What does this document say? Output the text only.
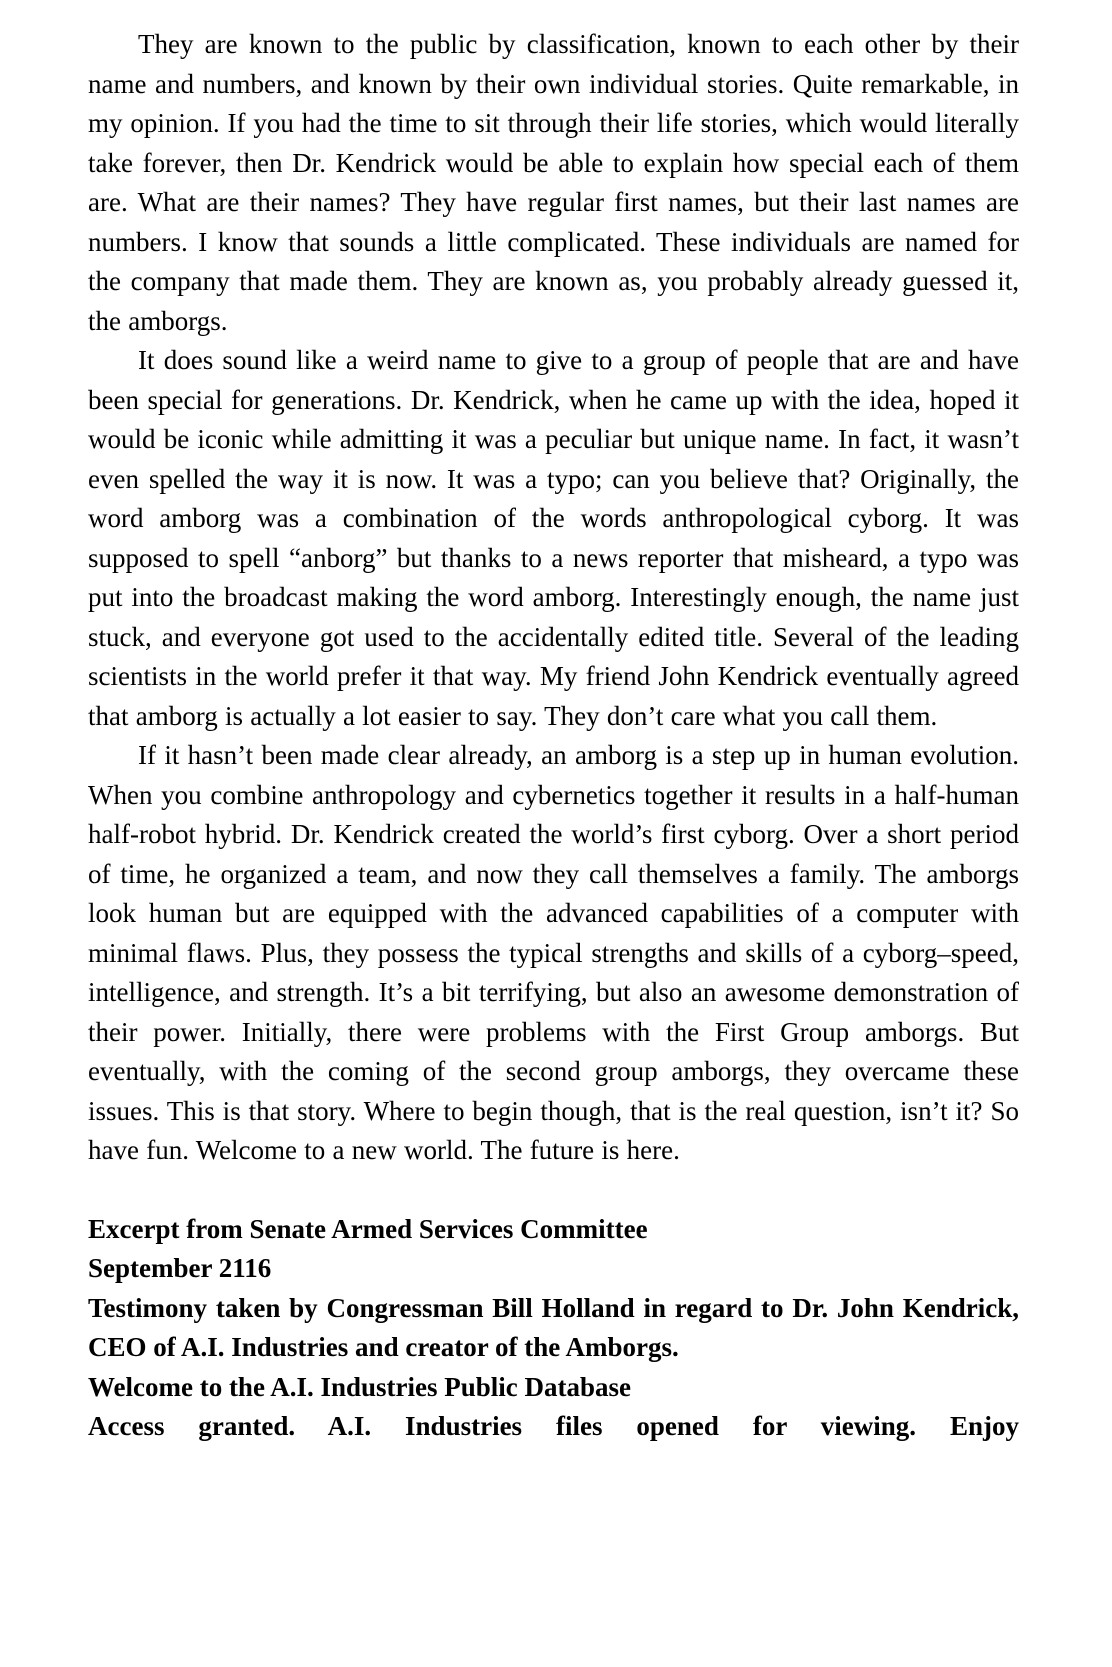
They are known to the public by classification, known to each other by their name and numbers, and known by their own individual stories. Quite remarkable, in my opinion. If you had the time to sit through their life stories, which would literally take forever, then Dr. Kendrick would be able to explain how special each of them are. What are their names? They have regular first names, but their last names are numbers. I know that sounds a little complicated. These individuals are named for the company that made them. They are known as, you probably already guessed it, the amborgs.

It does sound like a weird name to give to a group of people that are and have been special for generations. Dr. Kendrick, when he came up with the idea, hoped it would be iconic while admitting it was a peculiar but unique name. In fact, it wasn’t even spelled the way it is now. It was a typo; can you believe that? Originally, the word amborg was a combination of the words anthropological cyborg. It was supposed to spell “anborg” but thanks to a news reporter that misheard, a typo was put into the broadcast making the word amborg. Interestingly enough, the name just stuck, and everyone got used to the accidentally edited title. Several of the leading scientists in the world prefer it that way. My friend John Kendrick eventually agreed that amborg is actually a lot easier to say. They don’t care what you call them.

If it hasn’t been made clear already, an amborg is a step up in human evolution. When you combine anthropology and cybernetics together it results in a half-human half-robot hybrid. Dr. Kendrick created the world’s first cyborg. Over a short period of time, he organized a team, and now they call themselves a family. The amborgs look human but are equipped with the advanced capabilities of a computer with minimal flaws. Plus, they possess the typical strengths and skills of a cyborg–speed, intelligence, and strength. It’s a bit terrifying, but also an awesome demonstration of their power. Initially, there were problems with the First Group amborgs. But eventually, with the coming of the second group amborgs, they overcame these issues. This is that story. Where to begin though, that is the real question, isn’t it? So have fun. Welcome to a new world. The future is here.

Excerpt from Senate Armed Services Committee

September 2116

Testimony taken by Congressman Bill Holland in regard to Dr. John Kendrick, CEO of A.I. Industries and creator of the Amborgs.

Welcome to the A.I. Industries Public Database

Access granted. A.I. Industries files opened for viewing. Enjoy
